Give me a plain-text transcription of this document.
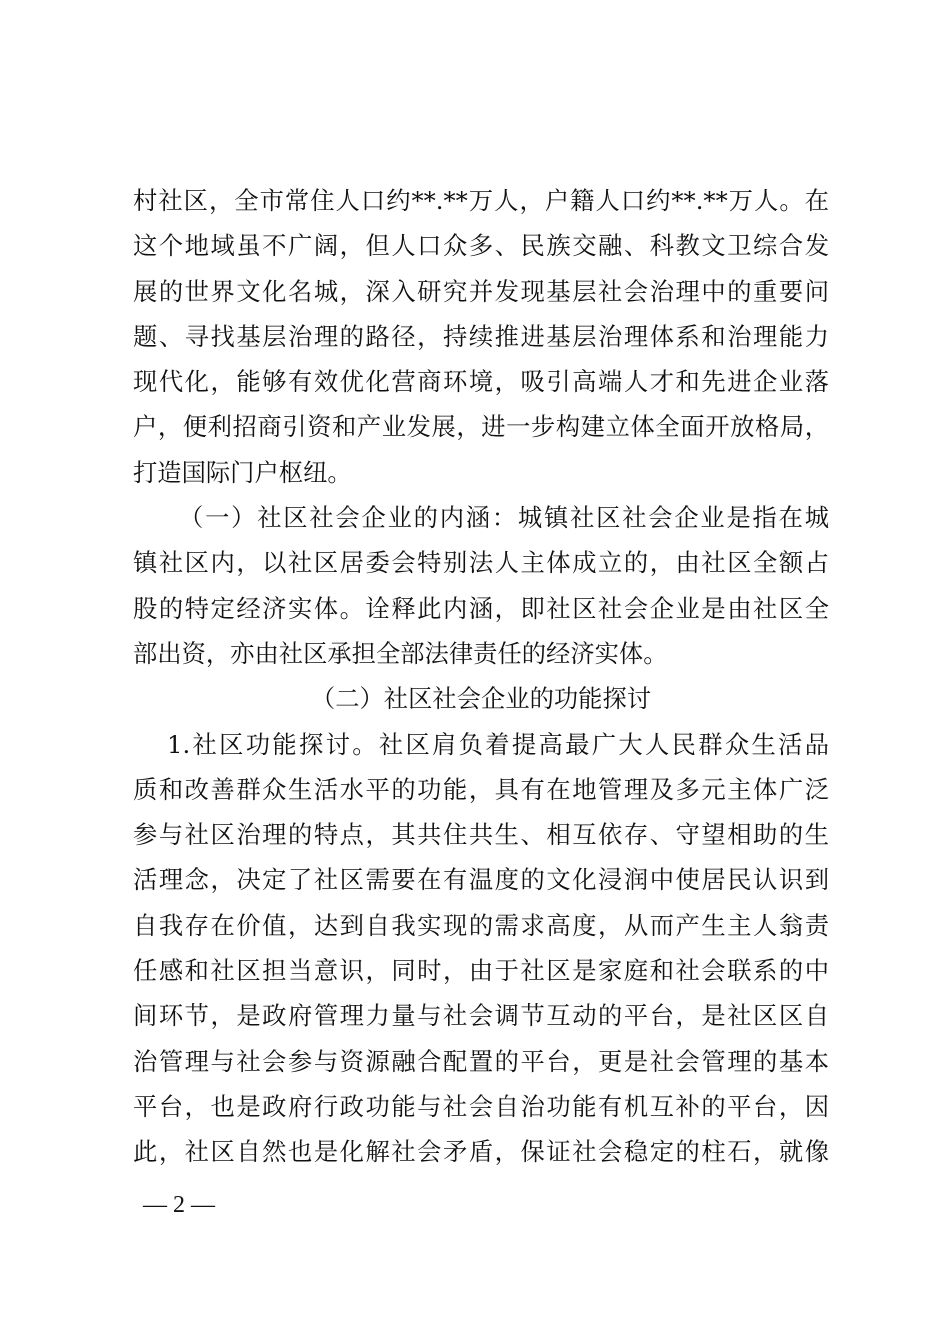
村社区，全市常住人口约**.**万人，户籍人口约**.**万人。在
这个地域虽不广阔，但人口众多、民族交融、科教文卫综合发
展的世界文化名城，深入研究并发现基层社会治理中的重要问
题、寻找基层治理的路径，持续推进基层治理体系和治理能力
现代化，能够有效优化营商环境，吸引高端人才和先进企业落
户，便利招商引资和产业发展，进一步构建立体全面开放格局，
打造国际门户枢纽。
（一）社区社会企业的内涵：城镇社区社会企业是指在城
镇社区内，以社区居委会特别法人主体成立的，由社区全额占
股的特定经济实体。诠释此内涵，即社区社会企业是由社区全
部出资，亦由社区承担全部法律责任的经济实体。
（二）社区社会企业的功能探讨
1.社区功能探讨。社区肩负着提高最广大人民群众生活品
质和改善群众生活水平的功能，具有在地管理及多元主体广泛
参与社区治理的特点，其共住共生、相互依存、守望相助的生
活理念，决定了社区需要在有温度的文化浸润中使居民认识到
自我存在价值，达到自我实现的需求高度，从而产生主人翁责
任感和社区担当意识，同时，由于社区是家庭和社会联系的中
间环节，是政府管理力量与社会调节互动的平台，是社区区自
治管理与社会参与资源融合配置的平台，更是社会管理的基本
平台，也是政府行政功能与社会自治功能有机互补的平台，因
此，社区自然也是化解社会矛盾，保证社会稳定的柱石，就像
— 2 —
